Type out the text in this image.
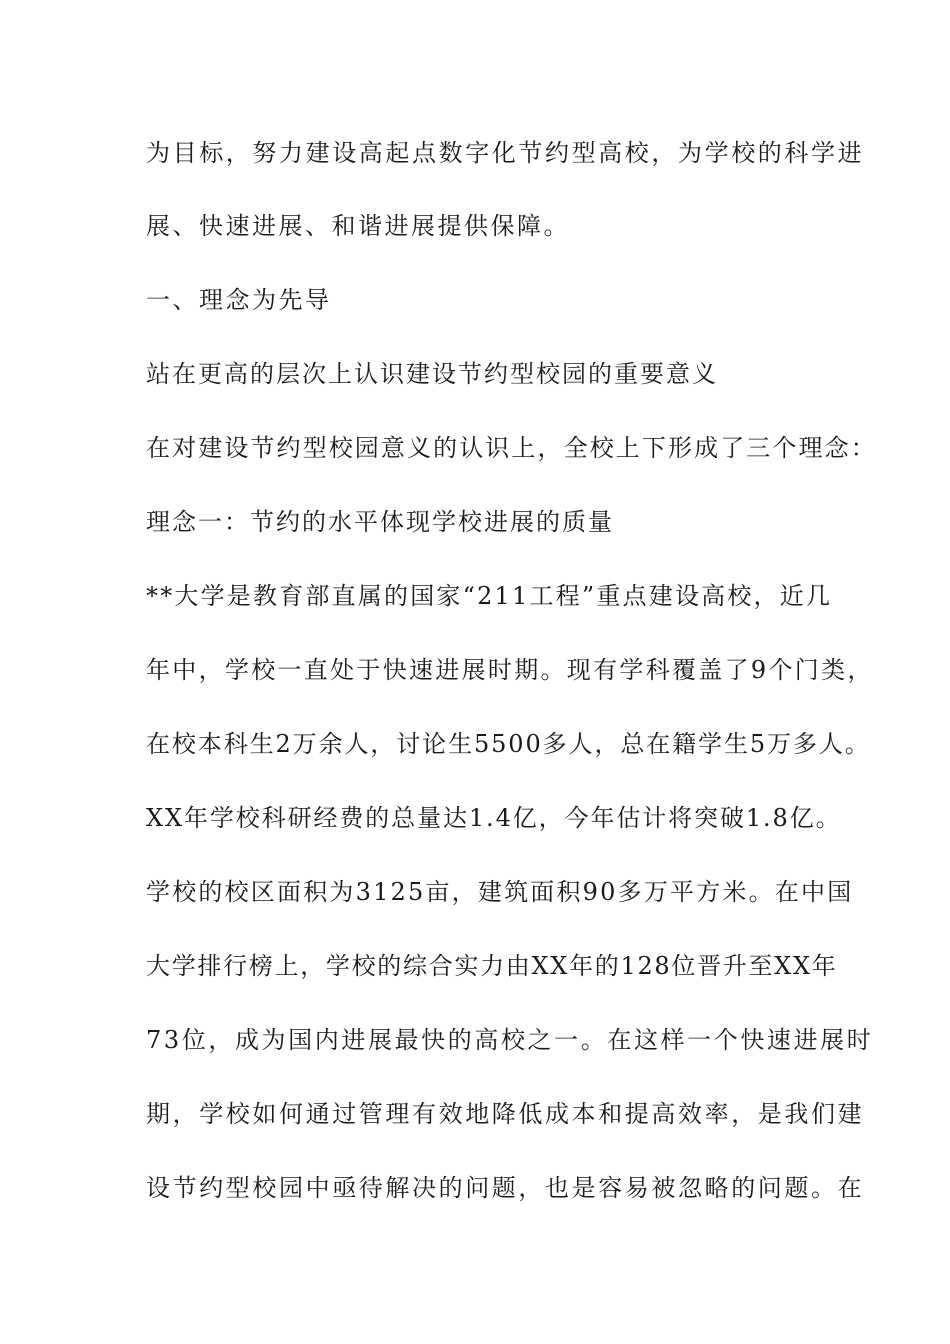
为目标，努力建设高起点数字化节约型高校，为学校的科学进

展、快速进展、和谐进展提供保障。

一、理念为先导

站在更高的层次上认识建设节约型校园的重要意义

在对建设节约型校园意义的认识上，全校上下形成了三个理念：

理念一：节约的水平体现学校进展的质量

**大学是教育部直属的国家“211工程”重点建设高校，近几

年中，学校一直处于快速进展时期。现有学科覆盖了9个门类，

在校本科生2万余人，讨论生5500多人，总在籍学生5万多人。

XX年学校科研经费的总量达1.4亿，今年估计将突破1.8亿。

学校的校区面积为3125亩，建筑面积90多万平方米。在中国

大学排行榜上，学校的综合实力由XX年的128位晋升至XX年

73位，成为国内进展最快的高校之一。在这样一个快速进展时

期，学校如何通过管理有效地降低成本和提高效率，是我们建

设节约型校园中亟待解决的问题，也是容易被忽略的问题。在
